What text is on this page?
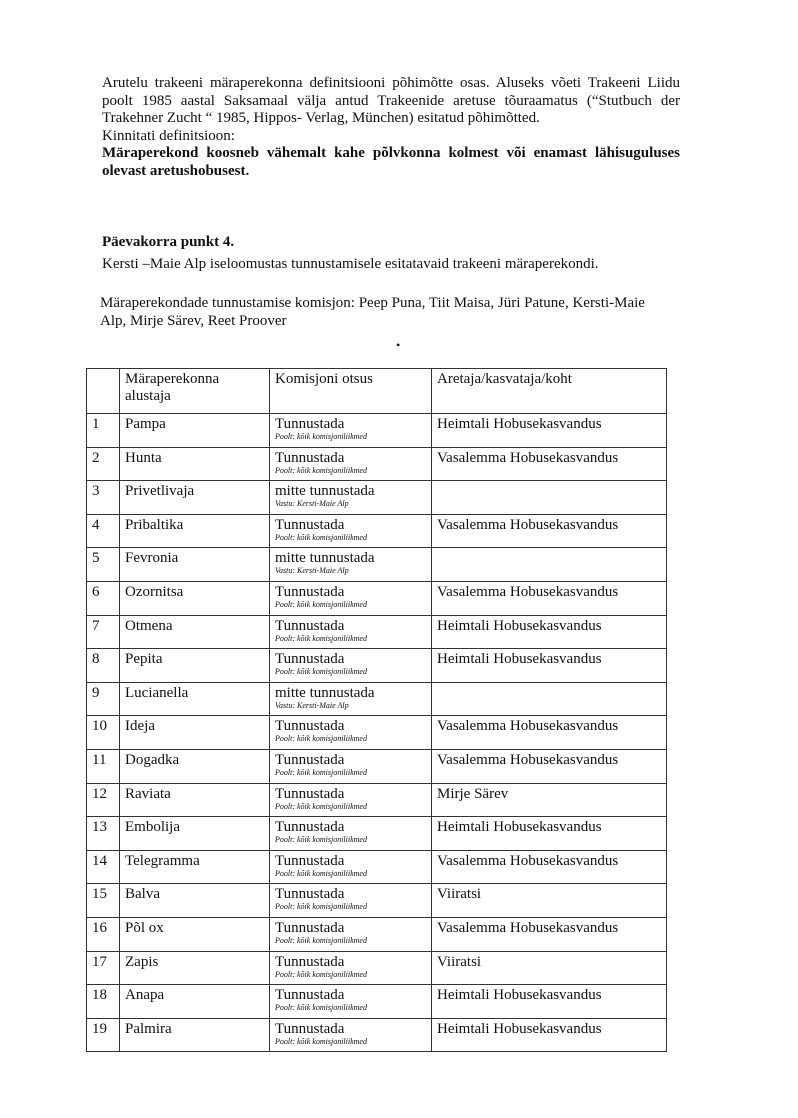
Arutelu trakeeni märaperekonna definitsiooni põhimõtte osas. Aluseks võeti Trakeeni Liidu poolt 1985 aastal Saksamaal välja antud Trakeenide aretuse tõuraamatus (“Stutbuch der Trakehner Zucht “ 1985, Hippos- Verlag, München) esitatud põhimõtted.

Kinnitati definitsioon:

Märaperekond koosneb vähemalt kahe põlvkonna kolmest või enamast lähisuguluses olevast aretushobusest.

Päevakorra punkt 4.
Kersti –Maie Alp iseloomustas tunnustamisele esitatavaid trakeeni märaperekondi.
Märaperekondade tunnustamise komisjon: Peep Puna, Tiit Maisa, Jüri Patune, Kersti-Maie Alp, Mirje Särev, Reet Proover
•
	Märaperekonna alustaja	Komisjoni otsus	Aretaja/kasvataja/koht
1	Pampa	Tunnustada
Poolt: kõik komisjoniliikmed	Heimtali Hobusekasvandus
2	Hunta	Tunnustada
Poolt: kõik komisjoniliikmed	Vasalemma Hobusekasvandus
3	Privetlivaja	mitte tunnustada
Vastu: Kersti-Maie Alp	

4	Pribaltika	Tunnustada
Poolt: kõik komisjoniliikmed	Vasalemma Hobusekasvandus
5	Fevronia	mitte tunnustada
Vastu: Kersti-Maie Alp	

6	Ozornitsa	Tunnustada
Poolt: kõik komisjoniliikmed	Vasalemma Hobusekasvandus
7	Otmena	Tunnustada
Poolt: kõik komisjoniliikmed	Heimtali Hobusekasvandus
8	Pepita	Tunnustada
Poolt: kõik komisjoniliikmed	Heimtali Hobusekasvandus
9	Lucianella	mitte tunnustada
Vastu: Kersti-Maie Alp	

10	Ideja	Tunnustada
Poolt: kõik komisjoniliikmed	Vasalemma Hobusekasvandus
11	Dogadka	Tunnustada
Poolt: kõik komisjoniliikmed	Vasalemma Hobusekasvandus
12	Raviata	Tunnustada
Poolt: kõik komisjoniliikmed	Mirje Särev
13	Embolija	Tunnustada
Poolt: kõik komisjoniliikmed	Heimtali Hobusekasvandus
14	Telegramma	Tunnustada
Poolt: kõik komisjoniliikmed	Vasalemma Hobusekasvandus
15	Balva	Tunnustada
Poolt: kõik komisjoniliikmed	Viiratsi
16	Põl ox	Tunnustada
Poolt: kõik komisjoniliikmed	Vasalemma Hobusekasvandus
17	Zapis	Tunnustada
Poolt: kõik komisjoniliikmed	Viiratsi
18	Anapa	Tunnustada
Poolt: kõik komisjoniliikmed	Heimtali Hobusekasvandus
19	Palmira	Tunnustada
Poolt: kõik komisjoniliikmed	Heimtali Hobusekasvandus
